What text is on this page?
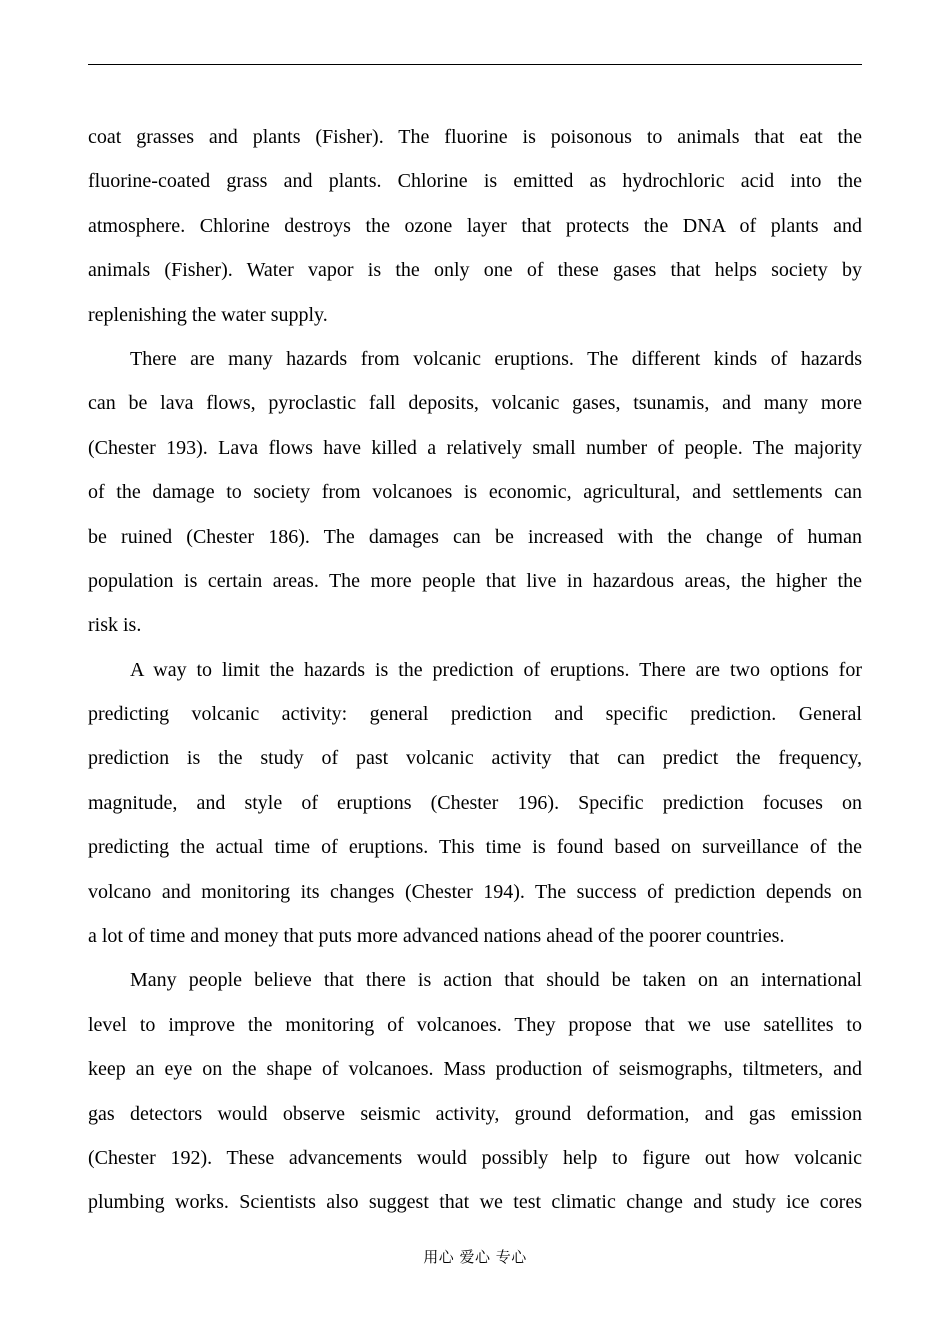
coat grasses and plants (Fisher). The fluorine is poisonous to animals that eat the
fluorine-coated grass and plants. Chlorine is emitted as hydrochloric acid into the
atmosphere. Chlorine destroys the ozone layer that protects the DNA of plants and
animals (Fisher). Water vapor is the only one of these gases that helps society by
replenishing the water supply.
There are many hazards from volcanic eruptions. The different kinds of hazards
can be lava flows, pyroclastic fall deposits, volcanic gases, tsunamis, and many more
(Chester 193). Lava flows have killed a relatively small number of people. The majority
of the damage to society from volcanoes is economic, agricultural, and settlements can
be ruined (Chester 186). The damages can be increased with the change of human
population is certain areas. The more people that live in hazardous areas, the higher the
risk is.
A way to limit the hazards is the prediction of eruptions. There are two options for
predicting volcanic activity: general prediction and specific prediction. General
prediction is the study of past volcanic activity that can predict the frequency,
magnitude, and style of eruptions (Chester 196). Specific prediction focuses on
predicting the actual time of eruptions. This time is found based on surveillance of the
volcano and monitoring its changes (Chester 194). The success of prediction depends on
a lot of time and money that puts more advanced nations ahead of the poorer countries.
Many people believe that there is action that should be taken on an international
level to improve the monitoring of volcanoes. They propose that we use satellites to
keep an eye on the shape of volcanoes. Mass production of seismographs, tiltmeters, and
gas detectors would observe seismic activity, ground deformation, and gas emission
(Chester 192). These advancements would possibly help to figure out how volcanic
plumbing works. Scientists also suggest that we test climatic change and study ice cores
用心 爱心 专心
